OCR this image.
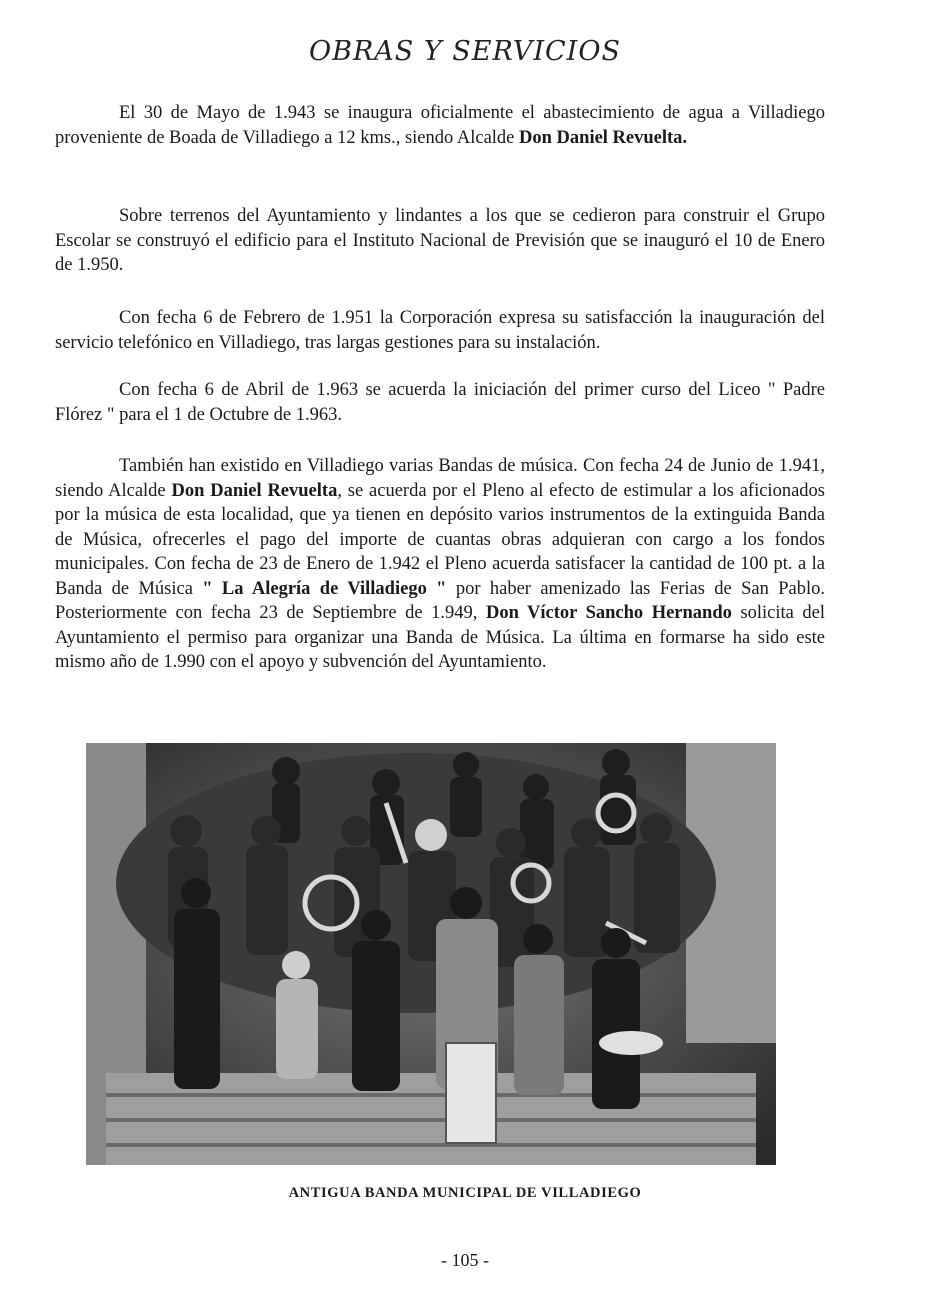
OBRAS Y SERVICIOS

El 30 de Mayo de 1.943 se inaugura oficialmente el abastecimiento de agua a Villadiego proveniente de Boada de Villadiego a 12 kms., siendo Alcalde Don Daniel Revuelta.

Sobre terrenos del Ayuntamiento y lindantes a los que se cedieron para construir el Grupo Escolar se construyó el edificio para el Instituto Nacional de Previsión que se inauguró el 10 de Enero de 1.950.

Con fecha 6 de Febrero de 1.951 la Corporación expresa su satisfacción la inauguración del servicio telefónico en Villadiego, tras largas gestiones para su instalación.

Con fecha 6 de Abril de 1.963 se acuerda la iniciación del primer curso del Liceo " Padre Flórez " para el 1 de Octubre de 1.963.

También han existido en Villadiego varias Bandas de música. Con fecha 24 de Junio de 1.941, siendo Alcalde Don Daniel Revuelta, se acuerda por el Pleno al efecto de estimular a los aficionados por la música de esta localidad, que ya tienen en depósito varios instrumentos de la extinguida Banda de Música, ofrecerles el pago del importe de cuantas obras adquieran con cargo a los fondos municipales. Con fecha de 23 de Enero de 1.942 el Pleno acuerda satisfacer la cantidad de 100 pt. a la Banda de Música " La Alegría de Villadiego " por haber amenizado las Ferias de San Pablo. Posteriormente con fecha 23 de Septiembre de 1.949, Don Víctor Sancho Hernando solicita del Ayuntamiento el permiso para organizar una Banda de Música. La última en formarse ha sido este mismo año de 1.990 con el apoyo y subvención del Ayuntamiento.

ANTIGUA BANDA MUNICIPAL DE VILLADIEGO
- 105 -
